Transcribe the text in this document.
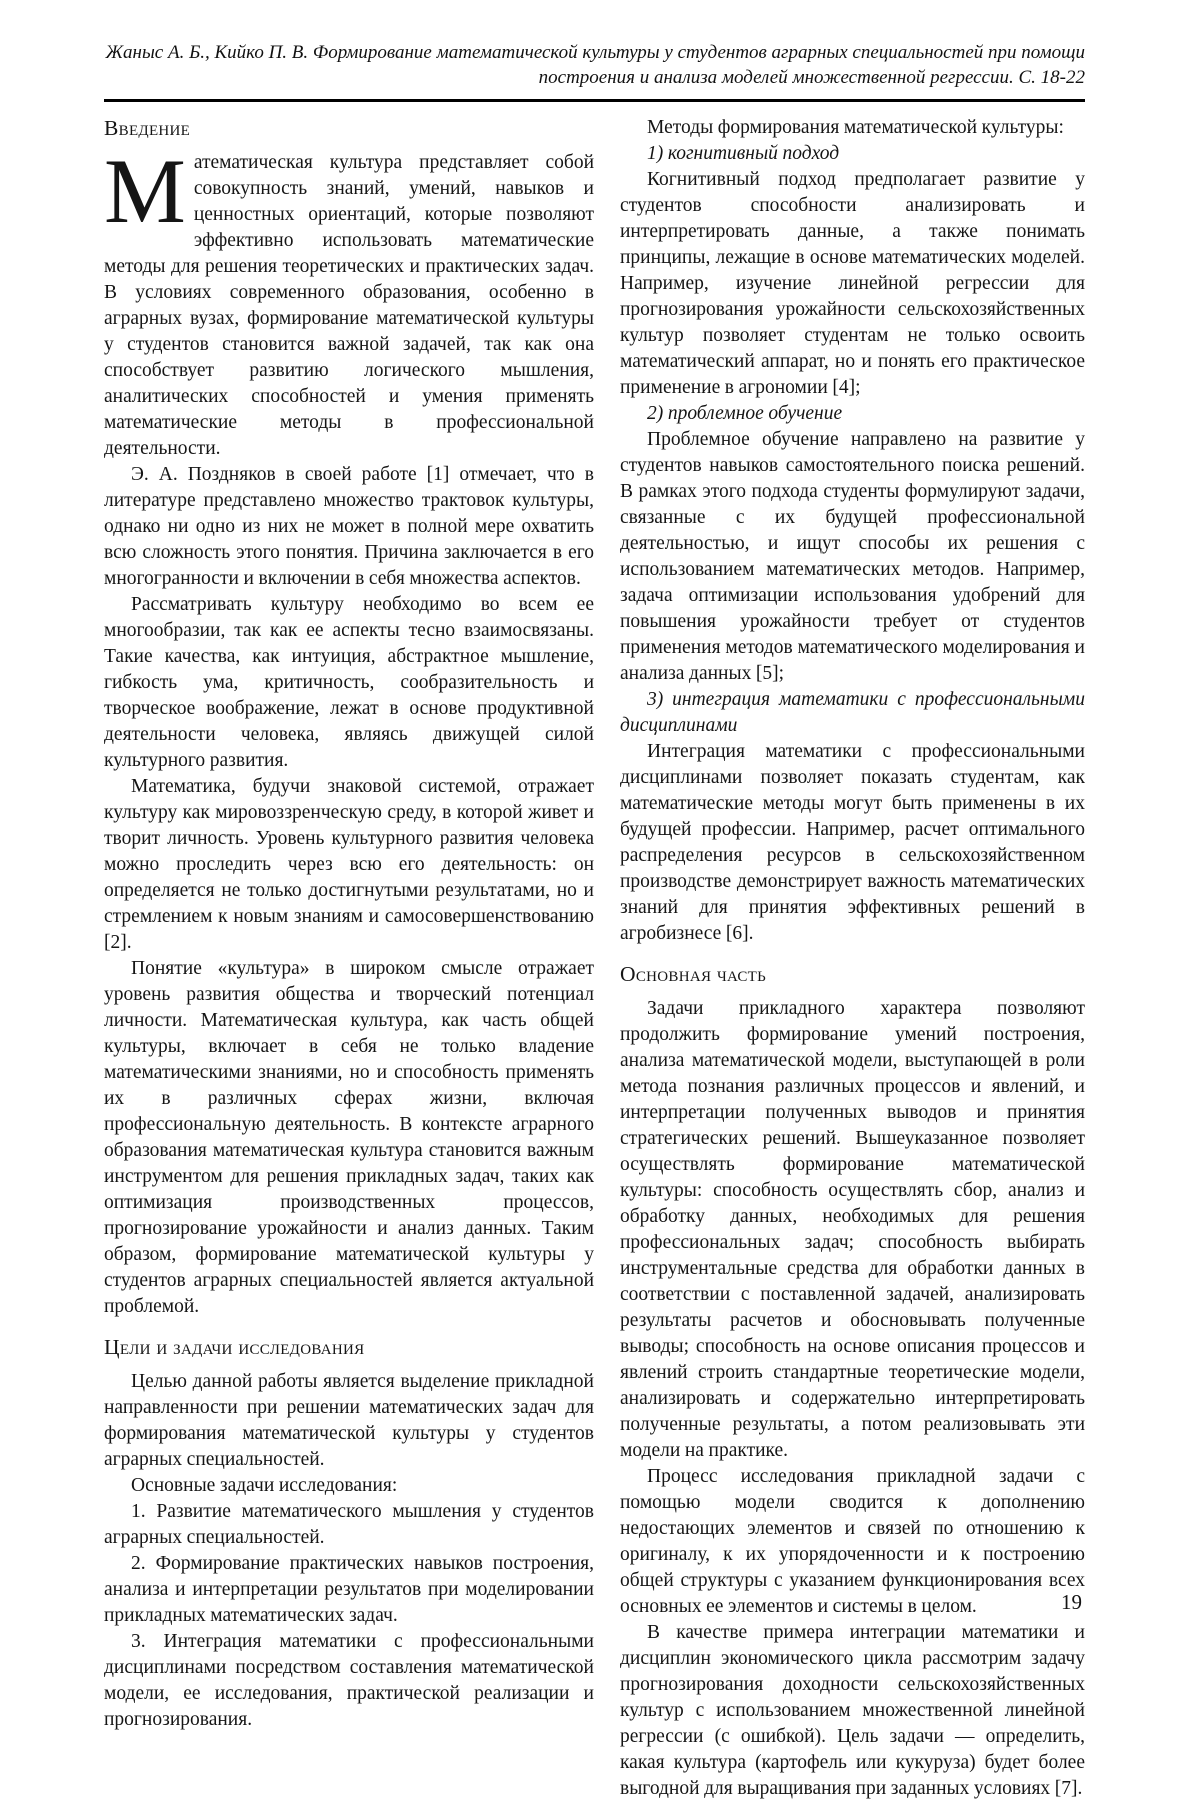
Жаныс А. Б., Кийко П. В. Формирование математической культуры у студентов аграрных специальностей при помощи
построения и анализа моделей множественной регрессии. С. 18-22
Введение

Математическая культура представляет собой совокупность знаний, умений, навыков и ценностных ориентаций, которые позволяют эффективно использовать математические методы для решения теоретических и практических задач. В условиях современного образования, особенно в аграрных вузах, формирование математической культуры у студентов становится важной задачей, так как она способствует развитию логического мышления, аналитических способностей и умения применять математические методы в профессиональной деятельности.

Э. А. Поздняков в своей работе [1] отмечает, что в литературе представлено множество трактовок культуры, однако ни одно из них не может в полной мере охватить всю сложность этого понятия. Причина заключается в его многогранности и включении в себя множества аспектов.

Рассматривать культуру необходимо во всем ее многообразии, так как ее аспекты тесно взаимосвязаны. Такие качества, как интуиция, абстрактное мышление, гибкость ума, критичность, сообразительность и творческое воображение, лежат в основе продуктивной деятельности человека, являясь движущей силой культурного развития.

Математика, будучи знаковой системой, отражает культуру как мировоззренческую среду, в которой живет и творит личность. Уровень культурного развития человека можно проследить через всю его деятельность: он определяется не только достигнутыми результатами, но и стремлением к новым знаниям и самосовершенствованию [2].

Понятие «культура» в широком смысле отражает уровень развития общества и творческий потенциал личности. Математическая культура, как часть общей культуры, включает в себя не только владение математическими знаниями, но и способность применять их в различных сферах жизни, включая профессиональную деятельность. В контексте аграрного образования математическая культура становится важным инструментом для решения прикладных задач, таких как оптимизация производственных процессов, прогнозирование урожайности и анализ данных. Таким образом, формирование математической культуры у студентов аграрных специальностей является актуальной проблемой.

Цели и задачи исследования

Целью данной работы является выделение прикладной направленности при решении математических задач для формирования математической культуры у студентов аграрных специальностей.

Основные задачи исследования:

1. Развитие математического мышления у студентов аграрных специальностей.

2. Формирование практических навыков построения, анализа и интерпретации результатов при моделировании прикладных математических задач.

3. Интеграция математики с профессиональными дисциплинами посредством составления математической модели, ее исследования, практической реализации и прогнозирования.

Методы формирования математической культуры:

1) когнитивный подход

Когнитивный подход предполагает развитие у студентов способности анализировать и интерпретировать данные, а также понимать принципы, лежащие в основе математических моделей. Например, изучение линейной регрессии для прогнозирования урожайности сельскохозяйственных культур позволяет студентам не только освоить математический аппарат, но и понять его практическое применение в агрономии [4];

2) проблемное обучение

Проблемное обучение направлено на развитие у студентов навыков самостоятельного поиска решений. В рамках этого подхода студенты формулируют задачи, связанные с их будущей профессиональной деятельностью, и ищут способы их решения с использованием математических методов. Например, задача оптимизации использования удобрений для повышения урожайности требует от студентов применения методов математического моделирования и анализа данных [5];

3) интеграция математики с профессиональными дисциплинами

Интеграция математики с профессиональными дисциплинами позволяет показать студентам, как математические методы могут быть применены в их будущей профессии. Например, расчет оптимального распределения ресурсов в сельскохозяйственном производстве демонстрирует важность математических знаний для принятия эффективных решений в агробизнесе [6].

Основная часть

Задачи прикладного характера позволяют продолжить формирование умений построения, анализа математической модели, выступающей в роли метода познания различных процессов и явлений, и интерпретации полученных выводов и принятия стратегических решений. Вышеуказанное позволяет осуществлять формирование математической культуры: способность осуществлять сбор, анализ и обработку данных, необходимых для решения профессиональных задач; способность выбирать инструментальные средства для обработки данных в соответствии с поставленной задачей, анализировать результаты расчетов и обосновывать полученные выводы; способность на основе описания процессов и явлений строить стандартные теоретические модели, анализировать и содержательно интерпретировать полученные результаты, а потом реализовывать эти модели на практике.

Процесс исследования прикладной задачи с помощью модели сводится к дополнению недостающих элементов и связей по отношению к оригиналу, к их упорядоченности и к построению общей структуры с указанием функционирования всех основных ее элементов и системы в целом.

В качестве примера интеграции математики и дисциплин экономического цикла рассмотрим задачу прогнозирования доходности сельскохозяйственных культур с использованием множественной линейной регрессии (с ошибкой). Цель задачи — определить, какая культура (картофель или кукуруза) будет более выгодной для выращивания при заданных условиях [7].

19
